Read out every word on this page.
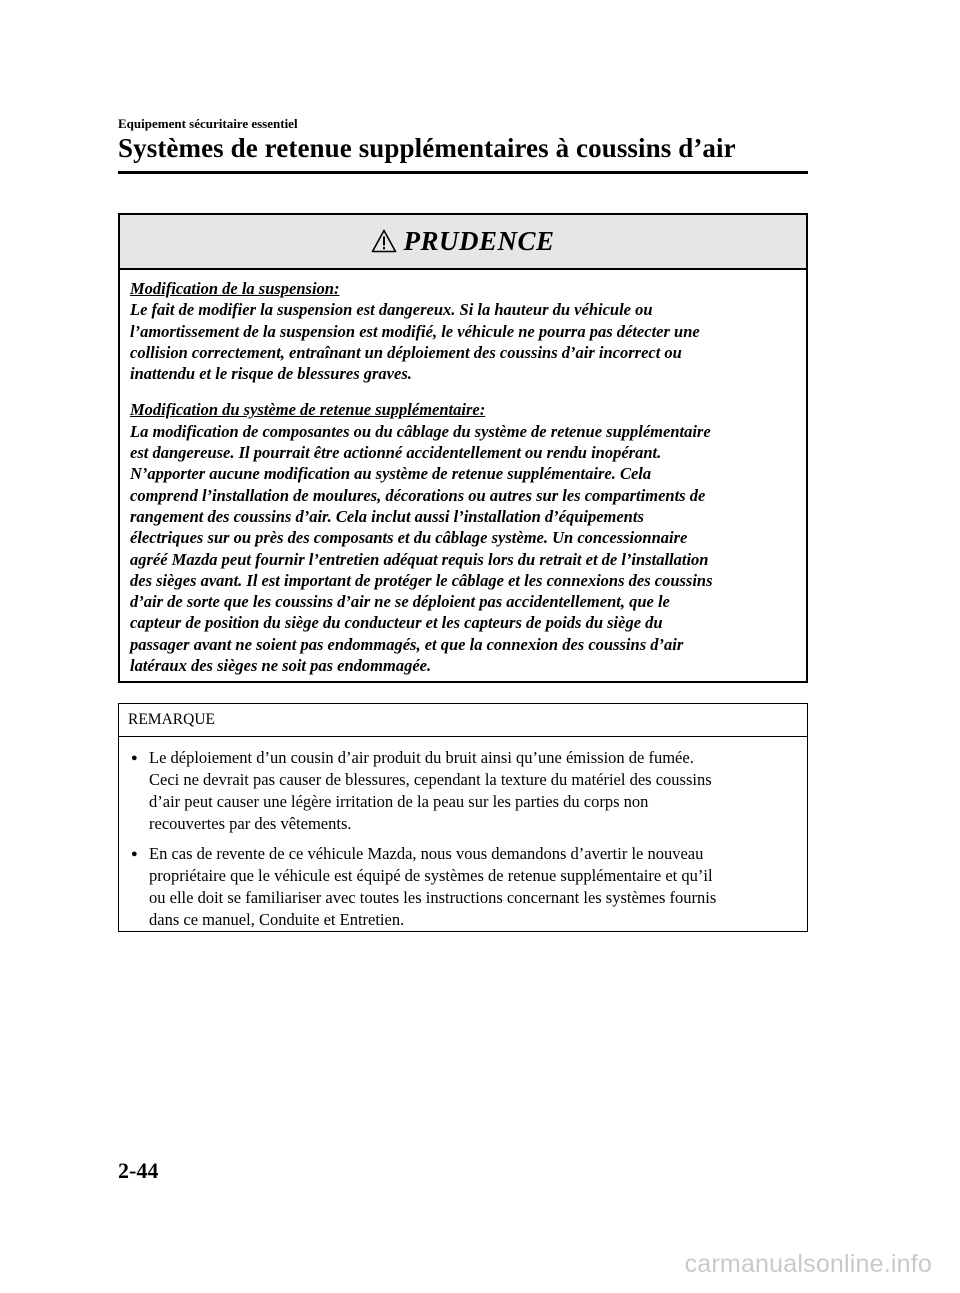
Equipement sécuritaire essentiel
Systèmes de retenue supplémentaires à coussins d’air
PRUDENCE

Modification de la suspension:

Le fait de modifier la suspension est dangereux. Si la hauteur du véhicule ou

l’amortissement de la suspension est modifié, le véhicule ne pourra pas détecter une

collision correctement, entraînant un déploiement des coussins d’air incorrect ou

inattendu et le risque de blessures graves.

Modification du système de retenue supplémentaire:

La modification de composantes ou du câblage du système de retenue supplémentaire

est dangereuse. Il pourrait être actionné accidentellement ou rendu inopérant.

N’apporter aucune modification au système de retenue supplémentaire. Cela

comprend l’installation de moulures, décorations ou autres sur les compartiments de

rangement des coussins d’air. Cela inclut aussi l’installation d’équipements

électriques sur ou près des composants et du câblage système. Un concessionnaire

agréé Mazda peut fournir l’entretien adéquat requis lors du retrait et de l’installation

des sièges avant. Il est important de protéger le câblage et les connexions des coussins

d’air de sorte que les coussins d’air ne se déploient pas accidentellement, que le

capteur de position du siège du conducteur et les capteurs de poids du siège du

passager avant ne soient pas endommagés, et que la connexion des coussins d’air

latéraux des sièges ne soit pas endommagée.

REMARQUE
● Le déploiement d’un cousin d’air produit du bruit ainsi qu’une émission de fumée.
Ceci ne devrait pas causer de blessures, cependant la texture du matériel des coussins
d’air peut causer une légère irritation de la peau sur les parties du corps non
recouvertes par des vêtements.
● En cas de revente de ce véhicule Mazda, nous vous demandons d’avertir le nouveau
propriétaire que le véhicule est équipé de systèmes de retenue supplémentaire et qu’il
ou elle doit se familiariser avec toutes les instructions concernant les systèmes fournis
dans ce manuel, Conduite et Entretien.
2-44
carmanualsonline.info
